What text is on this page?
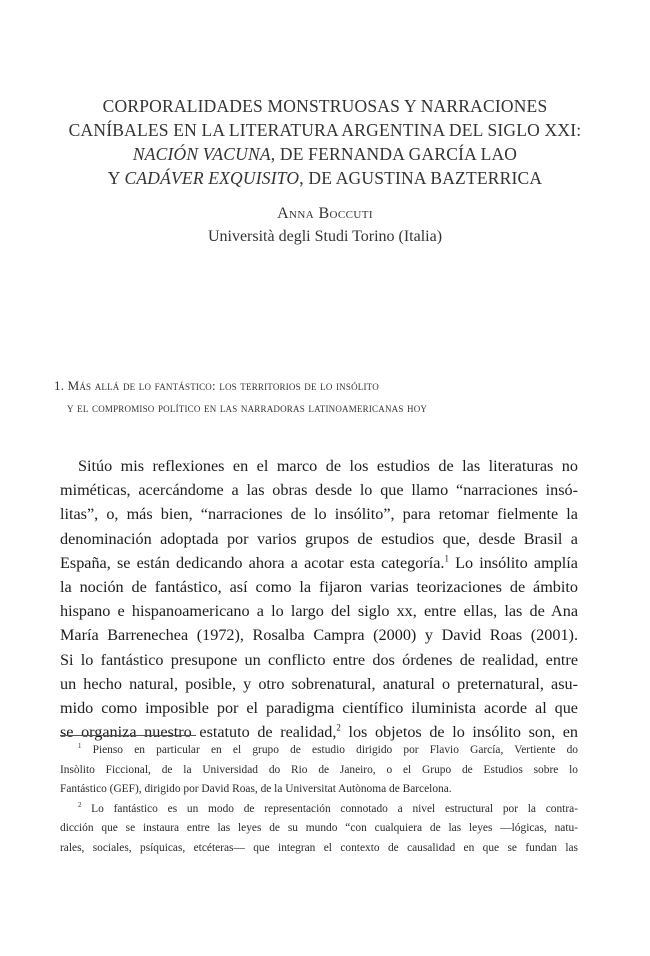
CORPORALIDADES MONSTRUOSAS Y NARRACIONES
CANÍBALES EN LA LITERATURA ARGENTINA DEL SIGLO XXI:
NACIÓN VACUNA, DE FERNANDA GARCÍA LAO
Y CADÁVER EXQUISITO, DE AGUSTINA BAZTERRICA
Anna Boccuti
Università degli Studi Torino (Italia)
1. Más allá de lo fantástico: los territorios de lo insólito
y el compromiso político en las narradoras latinoamericanas hoy
Sitúo mis reflexiones en el marco de los estudios de las literaturas no
miméticas, acercándome a las obras desde lo que llamo “narraciones insó-
litas”, o, más bien, “narraciones de lo insólito”, para retomar fielmente la
denominación adoptada por varios grupos de estudios que, desde Brasil a
España, se están dedicando ahora a acotar esta categoría.$^1$ Lo insólito amplía
la noción de fantástico, así como la fijaron varias teorizaciones de ámbito
hispano e hispanoamericano a lo largo del siglo xx, entre ellas, las de Ana
María Barrenechea (1972), Rosalba Campra (2000) y David Roas (2001).
Si lo fantástico presupone un conflicto entre dos órdenes de realidad, entre
un hecho natural, posible, y otro sobrenatural, anatural o preternatural, asu-
mido como imposible por el paradigma científico iluminista acorde al que
se organiza nuestro estatuto de realidad,$^2$ los objetos de lo insólito son, en
$^1$ Pienso en particular en el grupo de estudio dirigido por Flavio García, Vertiente do
Insòlito Ficcional, de la Universidad do Rio de Janeiro, o el Grupo de Estudios sobre lo
Fantástico (GEF), dirigido por David Roas, de la Universitat Autònoma de Barcelona.
$^2$ Lo fantástico es un modo de representación connotado a nivel estructural por la contra-
dicción que se instaura entre las leyes de su mundo “con cualquiera de las leyes —lógicas, natu-
rales, sociales, psíquicas, etcéteras— que integran el contexto de causalidad en que se fundan las
